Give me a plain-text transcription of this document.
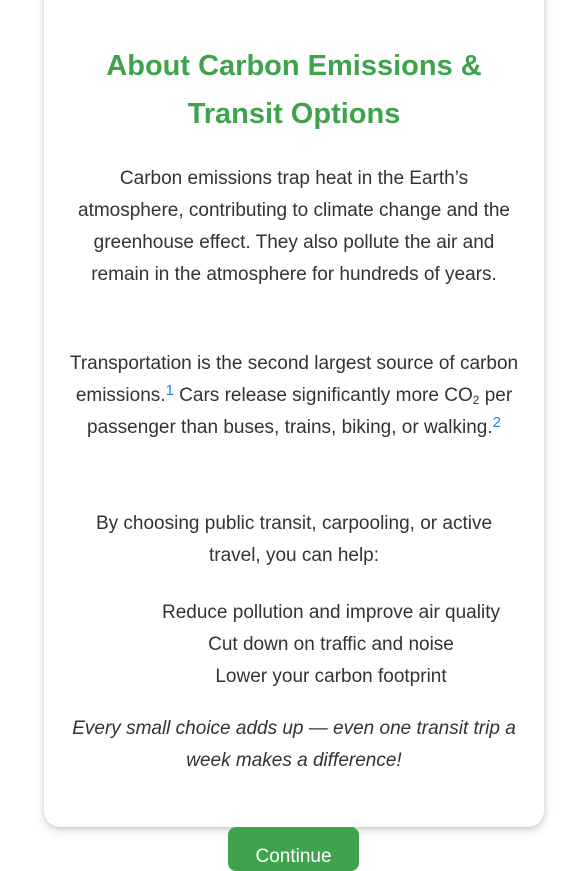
About Carbon Emissions &
Transit Options

Carbon emissions trap heat in the Earth’s atmosphere, contributing to climate change and the greenhouse effect. They also pollute the air and remain in the atmosphere for hundreds of years.

Transportation is the second largest source of carbon emissions.$^1$ Cars release significantly more $CO_2$ per passenger than buses, trains, biking, or walking.$^2$

By choosing public transit, carpooling, or active travel, you can help:

Reduce pollution and improve air quality
Cut down on traffic and noise
Lower your carbon footprint

Every small choice adds up — even one transit trip a week makes a difference!

Continue
